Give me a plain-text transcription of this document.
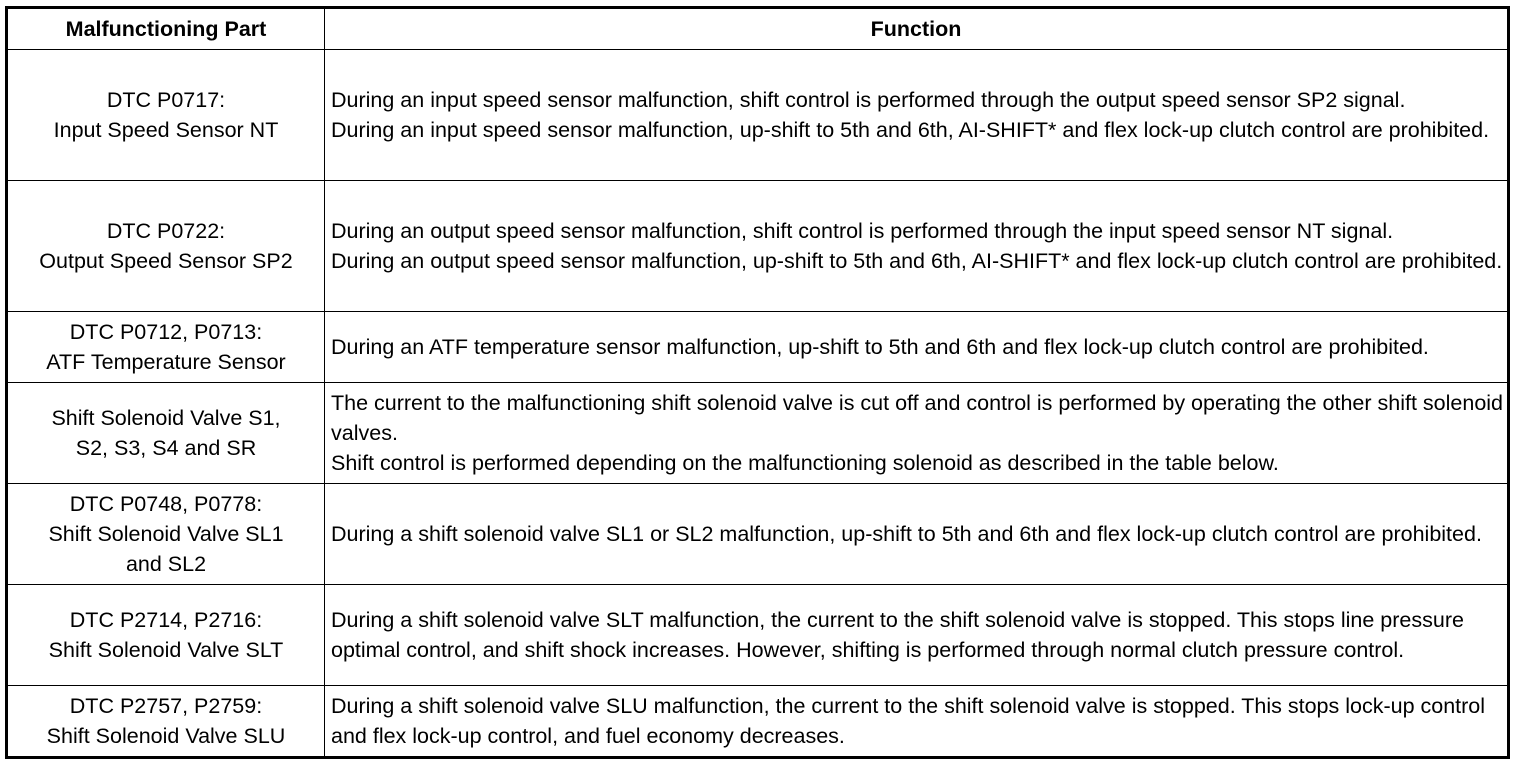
Malfunctioning Part	Function

DTC P0717:
Input Speed Sensor NT	During an input speed sensor malfunction, shift control is performed through the output speed sensor SP2 signal.
During an input speed sensor malfunction, up-shift to 5th and 6th, AI-SHIFT* and flex lock-up clutch control are prohibited.

DTC P0722:
Output Speed Sensor SP2	During an output speed sensor malfunction, shift control is performed through the input speed sensor NT signal.
During an output speed sensor malfunction, up-shift to 5th and 6th, AI-SHIFT* and flex lock-up clutch control are prohibited.

DTC P0712, P0713:
ATF Temperature Sensor	During an ATF temperature sensor malfunction, up-shift to 5th and 6th and flex lock-up clutch control are prohibited.

Shift Solenoid Valve S1,
S2, S3, S4 and SR	The current to the malfunctioning shift solenoid valve is cut off and control is performed by operating the other shift solenoid valves.
Shift control is performed depending on the malfunctioning solenoid as described in the table below.

DTC P0748, P0778:
Shift Solenoid Valve SL1
and SL2	During a shift solenoid valve SL1 or SL2 malfunction, up-shift to 5th and 6th and flex lock-up clutch control are prohibited.

DTC P2714, P2716:
Shift Solenoid Valve SLT	During a shift solenoid valve SLT malfunction, the current to the shift solenoid valve is stopped. This stops line pressure optimal control, and shift shock increases. However, shifting is performed through normal clutch pressure control.

DTC P2757, P2759:
Shift Solenoid Valve SLU	During a shift solenoid valve SLU malfunction, the current to the shift solenoid valve is stopped. This stops lock-up control and flex lock-up control, and fuel economy decreases.
